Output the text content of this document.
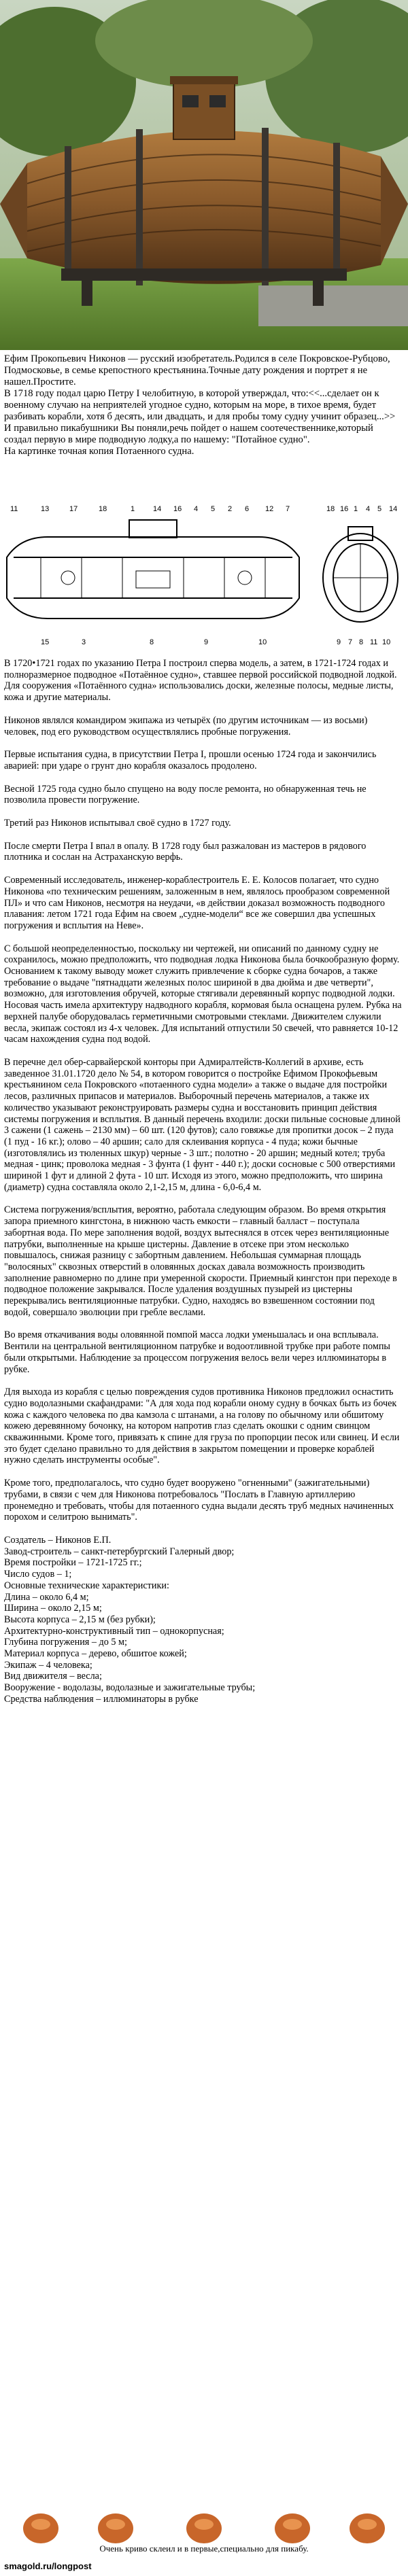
Ефим Прокопьевич Никонов — русский изобретатель.Родился в селе Покровское-Рубцово, Подмосковье, в семье крепостного крестьянина.Точные дату рождения и портрет я не нашел.Простите.
В 1718 году подал царю Петру I челобитную, в которой утверждал, что:<<...сделает он к военному случаю на неприятелей угодное судно, которым на море, в тихое время, будет разбивать корабли, хотя б десять, или двадцать, и для пробы тому судну учинит образец...>>
И правильно пикабушники Вы поняли,речь пойдет о нашем соотечественнике,который создал первую в мире подводную лодку,а по нашему: "Потайное судно".
На картинке точная копия Потаенного судна.
11	13	17	18	1 14 16 4 5 2 6 12 7	18 16 1 4 5 14
9 7 8 11 10
15	3	8	9	10

В 1720•1721 годах по указанию Петра I построил сперва модель, а затем, в 1721-1724 годах и полноразмерное подводное «Потаённое судно», ставшее первой российской подводной лодкой. Для сооружения «Потаённого судна» использовались доски, железные полосы, медные листы, кожа и другие материалы.

Никонов являлся командиром экипажа из четырёх (по другим источникам — из восьми) человек, под его руководством осуществлялись пробные погружения.

Первые испытания судна, в присутствии Петра I, прошли осенью 1724 года и закончились аварией: при ударе о грунт дно корабля оказалось продолено.

Весной 1725 года судно было спущено на воду после ремонта, но обнаруженная течь не позволила провести погружение.

Третий раз Никонов испытывал своё судно в 1727 году.

После смерти Петра I впал в опалу. В 1728 году был разжалован из мастеров в рядового плотника и сослан на Астраханскую верфь.

Современный исследователь, инженер-кораблестроитель Е. Е. Колосов полагает, что судно Никонова «по техническим решениям, заложенным в нем, являлось прообразом современной ПЛ» и что сам Никонов, несмотря на неудачи, «в действии доказал возможность подводного плавания: летом 1721 года Ефим на своем „судне-модели“ все же совершил два успешных погружения и всплытия на Неве».

С большой неопределенностью, поскольку ни чертежей, ни описаний по данному судну не сохранилось, можно предположить, что подводная лодка Никонова была бочкообразную форму. Основанием к такому выводу может служить привлечение к сборке судна бочаров, а также требование о выдаче "пятнадцати железных полос шириной в два дюйма и две четверти", возможно, для изготовления обручей, которые стягивали деревянный корпус подводной лодки. Носовая часть имела архитектуру надводного корабля, кормовая была оснащена рулем. Рубка на верхней палубе оборудовалась герметичными смотровыми стеклами. Движителем служили весла, экипаж состоял из 4-х человек. Для испытаний отпустили 50 свечей, что равняется 10-12 часам нахождения судна под водой.

В перечне дел обер-сарвайерской конторы при Адмиралтейств-Коллегий в архиве, есть заведенное 31.01.1720 дело № 54, в котором говорится о постройке Ефимом Прокофьевым крестьянином села Покровского «потаенного судна модели» а также о выдаче для постройки лесов, различных припасов и материалов. Выборочный перечень материалов, а также их количество указывают реконструировать размеры судна и восстановить принцип действия системы погружения и всплытия. В данный перечень входили: доски пильные сосновые длиной 3 сажени (1 сажень – 2130 мм) – 60 шт. (120 футов); сало говяжье для пропитки досок – 2 пуда (1 пуд - 16 кг.); олово – 40 аршин; сало для склеивания корпуса - 4 пуда; кожи бычные (изготовлялись из тюленных шкур) черные - 3 шт.; полотно - 20 аршин; медный котел; труба медная - цинк; проволока медная - 3 фунта (1 фунт - 440 г.); доски сосновые с 500 отверстиями шириной 1 фут и длиной 2 фута - 10 шт. Исходя из этого, можно предположить, что ширина (диаметр) судна составляла около 2,1-2,15 м, длина - 6,0-6,4 м.

Система погружения/всплытия, вероятно, работала следующим образом. Во время открытия запора приемного кингстона, в нижнюю часть емкости – главный балласт – поступала забортная вода. По мере заполнения водой, воздух вытеснялся в отсек через вентиляционные патрубки, выполненные на крыше цистерны. Давление в отсеке при этом несколько повышалось, снижая разницу с забортным давлением. Небольшая суммарная площадь "волосяных" сквозных отверстий в оловянных досках давала возможность производить заполнение равномерно по длине при умеренной скорости. Приемный кингстон при переходе в подводное положение закрывался. После удаления воздушных пузырей из цистерны перекрывались вентиляционные патрубки. Судно, находясь во взвешенном состоянии под водой, совершало эволюции при гребле веслами.

Во время откачивания воды оловянной помпой масса лодки уменьшалась и она всплывала. Вентили на центральной вентиляционном патрубке и водоотливной трубке при работе помпы были открытыми. Наблюдение за процессом погружения велось вели через иллюминаторы в рубке.

Для выхода из корабля с целью повреждения судов противника Никонов предложил оснастить судно водолазными скафандрами: "А для хода под корабли оному судну в бочках быть из бочек кожа с каждого человека по два камзола с штанами, а на голову по обычному или обшитому кожею деревянному бочонку, на котором напротив глаз сделать окошки с одним свинцом скважинными. Кроме того, привязать к спине для груза по пропорции песок или свинец. И если это будет сделано правильно то для действия в закрытом помещении и проверке кораблей нужно сделать инструменты особые".

Кроме того, предполагалось, что судно будет вооружено "огненными" (зажигательными) трубами, в связи с чем для Никонова потребовалось "Послать в Главную артиллерию пронемедно и требовать, чтобы для потаенного судна выдали десять труб медных начиненных порохом и селитрою вынимать".

Создатель – Никонов Е.П.
Завод-строитель – санкт-петербургский Галерный двор;
Время постройки – 1721-1725 гг.;
Число судов – 1;
Основные технические характеристики:
Длина – около 6,4 м;
Ширина – около 2,15 м;
Высота корпуса – 2,15 м (без рубки);
Архитектурно-конструктивный тип – однокорпусная;
Глубина погружения – до 5 м;
Материал корпуса – дерево, обшитое кожей;
Экипаж – 4 человека;
Вид движителя – весла;
Вооружение - водолазы, водолазные и зажигательные трубы;
Средства наблюдения – иллюминаторы в рубке
Очень криво склеил и в первые,специально для пикабу.
smagold.ru/longpost
